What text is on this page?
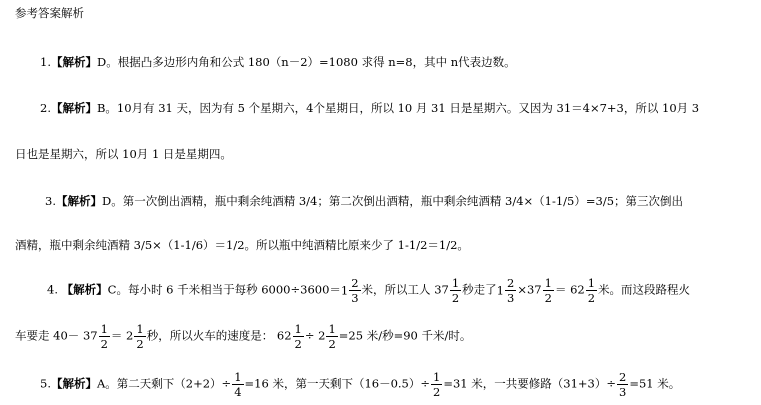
参考答案解析
1.【解析】D。根据凸多边形内角和公式 180（n－2）=1080 求得 n=8，其中 n代表边数。
2.【解析】B。10月有 31 天，因为有 5 个星期六，4个星期日，所以 10 月 31 日是星期六。又因为 31＝4×7+3，所以 10月 3
日也是星期六，所以 10月 1 日是星期四。
3.【解析】D。第一次倒出酒精，瓶中剩余纯酒精 3/4；第二次倒出酒精，瓶中剩余纯酒精 3/4×（1-1/5）=3/5；第三次倒出
酒精，瓶中剩余纯酒精 3/5×（1-1/6）＝1/2。所以瓶中纯酒精比原来少了 1-1/2＝1/2。
4. 【解析】C。每小时 6 千米相当于每秒 $6000\div 3600=1 \frac{2}{3}$ 米，所以工人 $37 \frac{1}{2}$ 秒走了$1 \frac{2}{3} \times 37 \frac{1}{2} = 62 \frac{1}{2}$ 米。而这段路程火
车要走 $40- 37 \frac{1}{2} = 2 \frac{1}{2}$ 秒，所以火车的速度是： $62 \frac{1}{2} \div 2 \frac{1}{2} =25$ 米/秒=90 千米/时。
5.【解析】A。第二天剩下$(2+2)\div \frac{1}{4} =16$ 米，第一天剩下$(16-0.5)\div \frac{1}{2} =31$ 米，一共要修路$(31+3)\div \frac{2}{3} =51$ 米。
